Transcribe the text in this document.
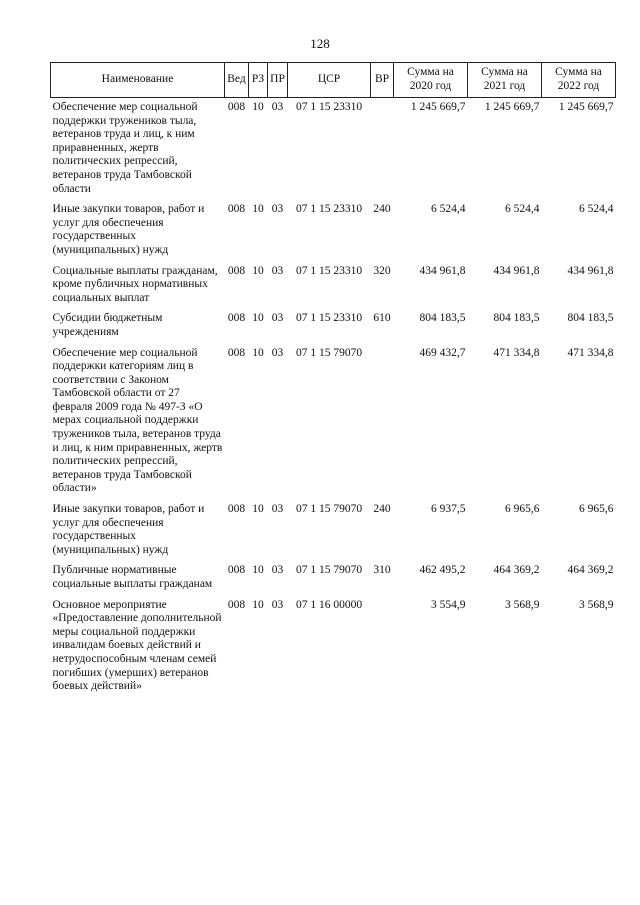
128
Наименование	Вед	РЗ	ПР	ЦСР	ВР	Сумма на 2020 год	Сумма на 2021 год	Сумма на 2022 год
Обеспечение мер социальной поддержки тружеников тыла, ветеранов труда и лиц, к ним приравненных, жертв политических репрессий, ветеранов труда Тамбовской области	008	10	03	07 1 15 23310		1 245 669,7	1 245 669,7	1 245 669,7
Иные закупки товаров, работ и услуг для обеспечения государственных (муниципальных) нужд	008	10	03	07 1 15 23310	240	6 524,4	6 524,4	6 524,4
Социальные выплаты гражданам, кроме публичных нормативных социальных выплат	008	10	03	07 1 15 23310	320	434 961,8	434 961,8	434 961,8
Субсидии бюджетным учреждениям	008	10	03	07 1 15 23310	610	804 183,5	804 183,5	804 183,5
Обеспечение мер социальной поддержки категориям лиц в соответствии с Законом Тамбовской области от 27 февраля 2009 года № 497-З «О мерах социальной поддержки тружеников тыла, ветеранов труда и лиц, к ним приравненных, жертв политических репрессий, ветеранов труда Тамбовской области»	008	10	03	07 1 15 79070		469 432,7	471 334,8	471 334,8
Иные закупки товаров, работ и услуг для обеспечения государственных (муниципальных) нужд	008	10	03	07 1 15 79070	240	6 937,5	6 965,6	6 965,6
Публичные нормативные социальные выплаты гражданам	008	10	03	07 1 15 79070	310	462 495,2	464 369,2	464 369,2
Основное мероприятие «Предоставление дополнительной меры социальной поддержки инвалидам боевых действий и нетрудоспособным членам семей погибших (умерших) ветеранов боевых действий»	008	10	03	07 1 16 00000		3 554,9	3 568,9	3 568,9
